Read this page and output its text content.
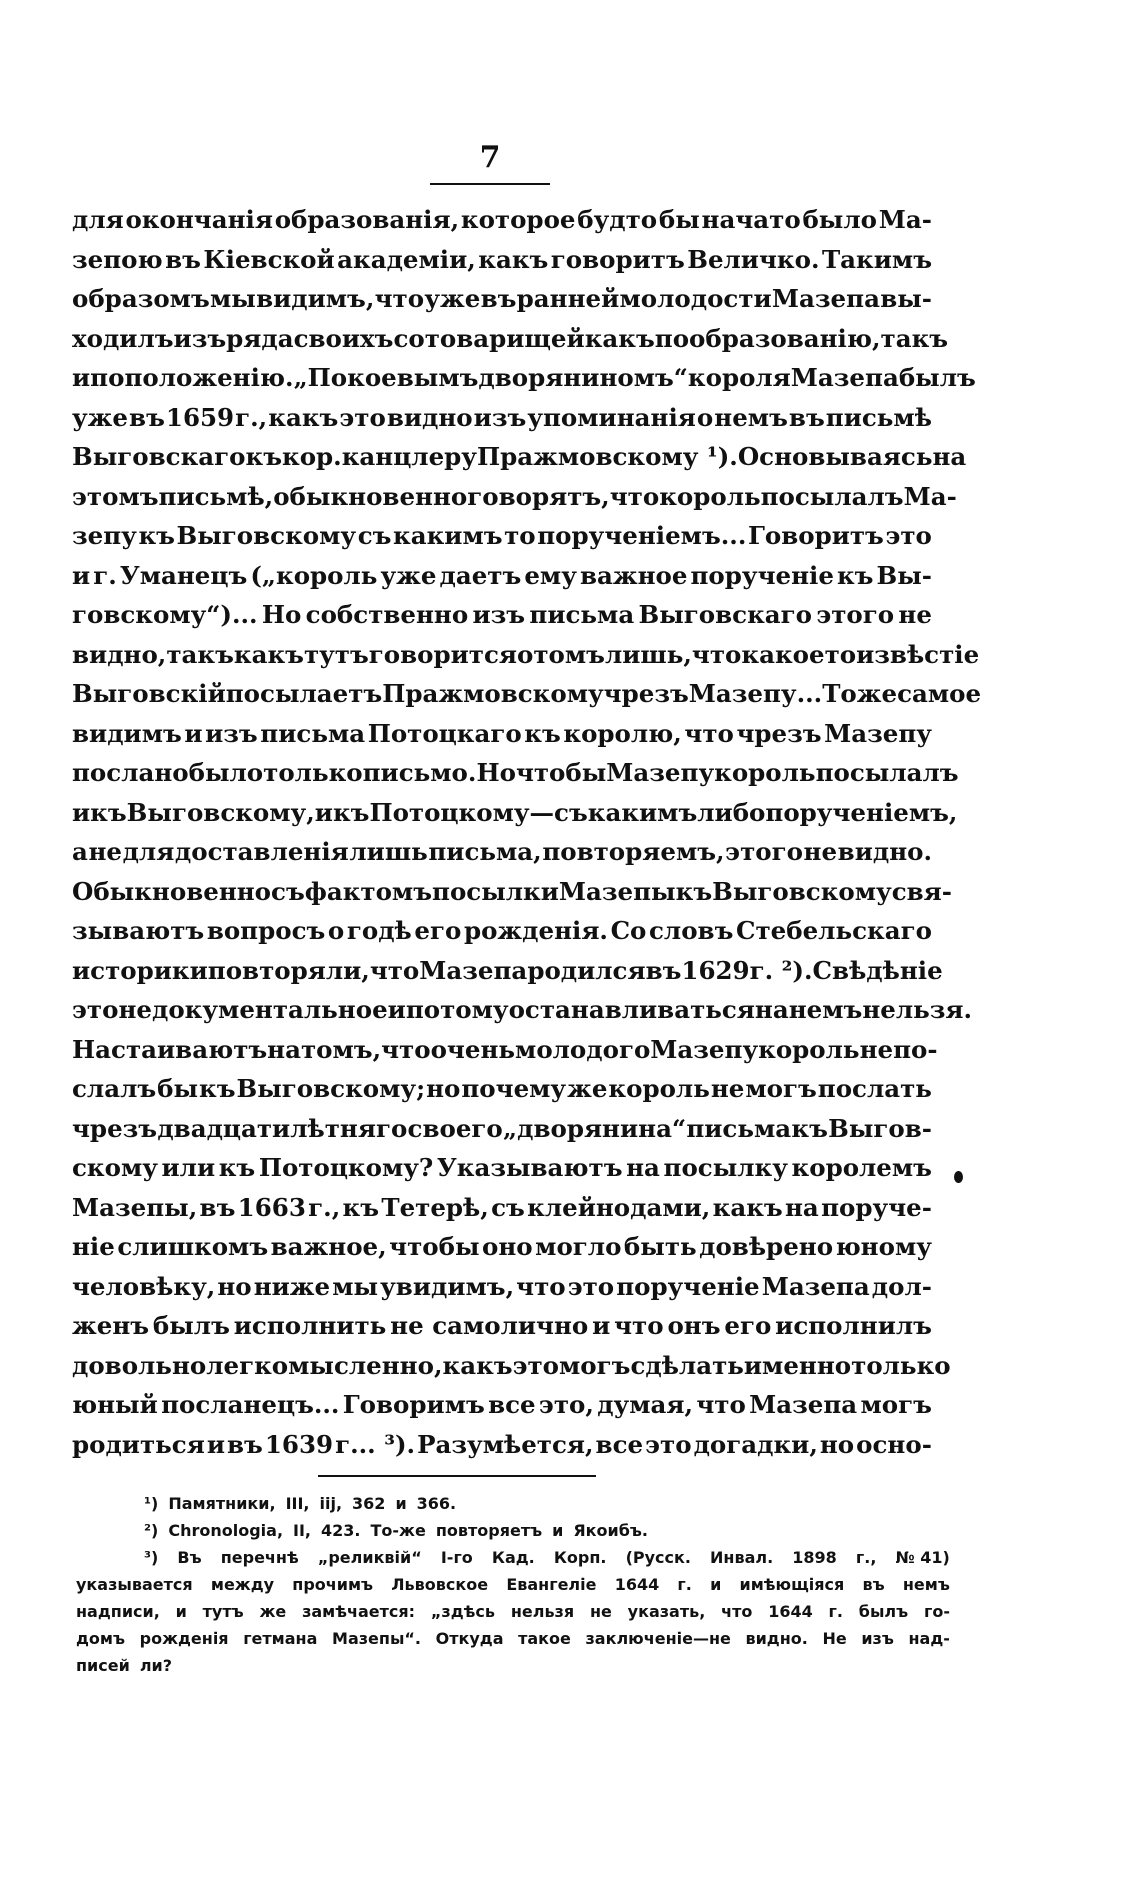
7
для окончанія образованія, которое будто бы начато было Ма-
зепою въ Кіевской академіи, какъ говоритъ Величко. Такимъ
образомъ мы видимъ, что уже въ ранней молодости Мазепа вы-
ходилъ изъ ряда своихъ сотоварищей какъ по образованію, такъ
и по положенію. „Покоевымъ дворяниномъ“ короля Мазепа былъ
уже въ 1659 г., какъ это видно изъ упоминанія о немъ въ письмѣ
Выговскаго къ кор. канцлеру Пражмовскому ¹). Основываясь на
этомъ письмѣ, обыкновенно говорятъ, что король посылалъ Ма-
зепу къ Выговскому съ какимъ то порученіемъ... Говоритъ это
и г. Уманецъ („король уже даетъ ему важное порученіе къ Вы-
говскому“)... Но собственно изъ письма Выговскаго этого не
видно, такъ какъ тутъ говорится о томъ лишь, что какое то извѣстіе
Выговскій посылаетъ Пражмовскому чрезъ Мазепу... То же самое
видимъ и изъ письма Потоцкаго къ королю, что чрезъ Мазепу
послано было только письмо. Но чтобы Мазепу король посылалъ
и къ Выговскому, и къ Потоцкому—съ какимъ либо порученіемъ,
а не для доставленія лишь письма, повторяемъ, этого не видно.
Обыкновенно съ фактомъ посылки Мазепы къ Выговскому свя-
зываютъ вопросъ о годѣ его рожденія. Со словъ Стебельскаго
историки повторяли, что Мазепа родился въ 1629 г. ²). Свѣдѣніе
это не документальное и потому останавливаться на немъ нельзя.
Настаиваютъ на томъ, что очень молодого Мазепу король не по-
слалъ бы къ Выговскому; но почему же король не могъ послать
чрезъ двадцатилѣтняго своего „дворянина“ письма къ Выгов-
скому или къ Потоцкому? Указываютъ на посылку королемъ
Мазепы, въ 1663 г., къ Тетерѣ, съ клейнодами, какъ на поруче-
ніе слишкомъ важное, чтобы оно могло быть довѣрено юному
человѣку, но ниже мы увидимъ, что это порученіе Мазепа дол-
женъ былъ исполнить не самолично и что онъ его исполнилъ
довольно легкомысленно, какъ это могъ сдѣлать именно только
юный посланецъ... Говоримъ все это, думая, что Мазепа могъ
родиться и въ 1639 г... ³). Разумѣется, все это догадки, но осно-
¹) Памятники, III, iij, 362 и 366.
²) Chronologia, II, 423. То-же повторяетъ и Якоибъ.
³) Въ перечнѣ „реликвій“ I-го Кад. Корп. (Русск. Инвал. 1898 г., № 41)
указывается между прочимъ Львовское Евангеліе 1644 г. и имѣющіяся въ немъ
надписи, и тутъ же замѣчается: „здѣсь нельзя не указать, что 1644 г. былъ го-
домъ рожденія гетмана Мазепы“. Откуда такое заключеніе—не видно. Не изъ над-
писей ли?
